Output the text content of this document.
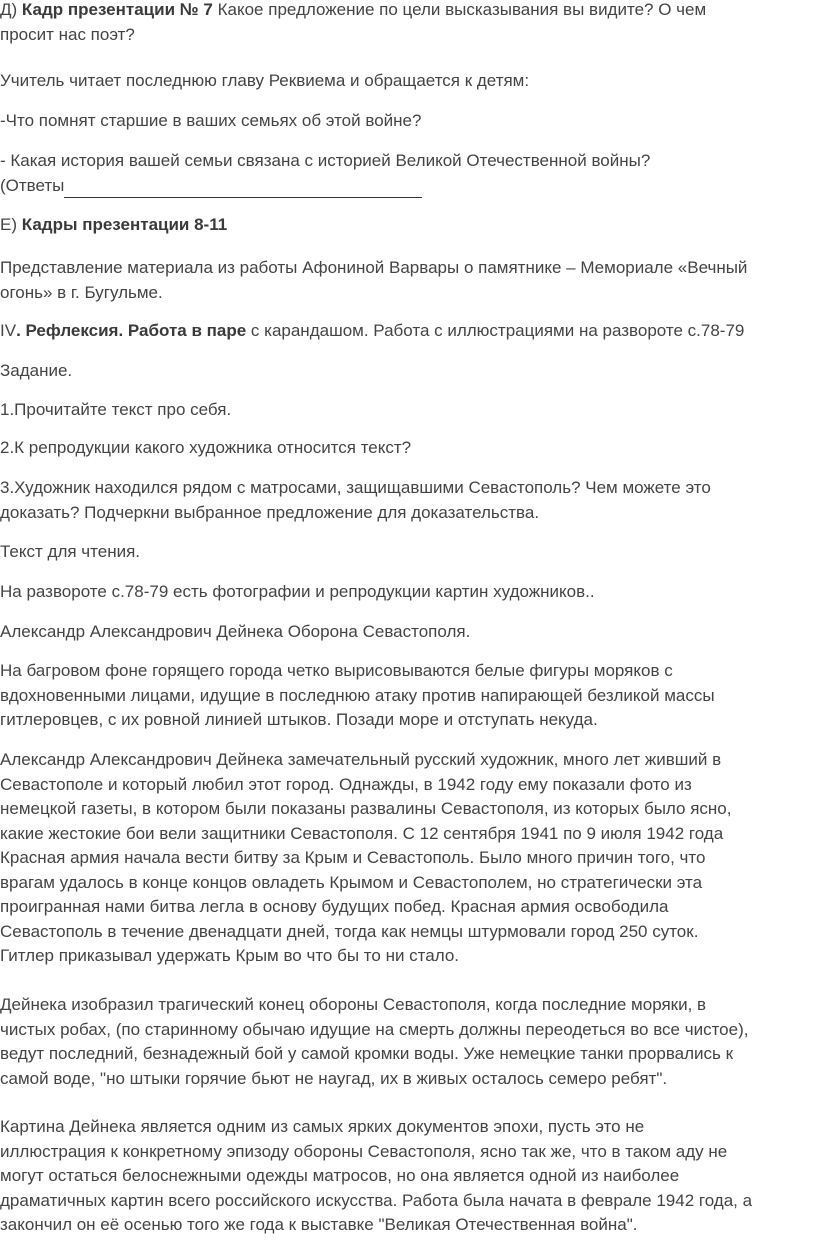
Д) Кадр презентации № 7 Какое предложение по цели высказывания вы видите? О чем
просит нас поэт?

Учитель читает последнюю главу Реквиема и обращается к детям:

-Что помнят старшие в ваших семьях об этой войне?

- Какая история вашей семьи связана с историей Великой Отечественной войны?
(Ответы

Е) Кадры презентации 8-11

Представление материала из работы Афониной Варвары о памятнике – Мемориале «Вечный
огонь» в г. Бугульме.

IV. Рефлексия. Работа в паре с карандашом. Работа с иллюстрациями на развороте с.78-79

Задание.

1.Прочитайте текст про себя.

2.К репродукции какого художника относится текст?

3.Художник находился рядом с матросами, защищавшими Севастополь? Чем можете это
доказать? Подчеркни выбранное предложение для доказательства.

Текст для чтения.

На развороте с.78-79 есть фотографии и репродукции картин художников..

Александр Александрович Дейнека Оборона Севастополя.

На багровом фоне горящего города четко вырисовываются белые фигуры моряков с
вдохновенными лицами, идущие в последнюю атаку против напирающей безликой массы
гитлеровцев, с их ровной линией штыков. Позади море и отступать некуда.

Александр Александрович Дейнека замечательный русский художник, много лет живший в
Севастополе и который любил этот город. Однажды, в 1942 году ему показали фото из
немецкой газеты, в котором были показаны развалины Севастополя, из которых было ясно,
какие жестокие бои вели защитники Севастополя. С 12 сентября 1941 по 9 июля 1942 года
Красная армия начала вести битву за Крым и Севастополь. Было много причин того, что
врагам удалось в конце концов овладеть Крымом и Севастополем, но стратегически эта
проигранная нами битва легла в основу будущих побед. Красная армия освободила
Севастополь в течение двенадцати дней, тогда как немцы штурмовали город 250 суток.
Гитлер приказывал удержать Крым во что бы то ни стало.

Дейнека изобразил трагический конец обороны Севастополя, когда последние моряки, в
чистых робах, (по старинному обычаю идущие на смерть должны переодеться во все чистое),
ведут последний, безнадежный бой у самой кромки воды. Уже немецкие танки прорвались к
самой воде, "но штыки горячие бьют не наугад, их в живых осталось семеро ребят".

Картина Дейнека является одним из самых ярких документов эпохи, пусть это не
иллюстрация к конкретному эпизоду обороны Севастополя, ясно так же, что в таком аду не
могут остаться белоснежными одежды матросов, но она является одной из наиболее
драматичных картин всего российского искусства. Работа была начата в феврале 1942 года, а
закончил он её осенью того же года к выставке "Великая Отечественная война".
